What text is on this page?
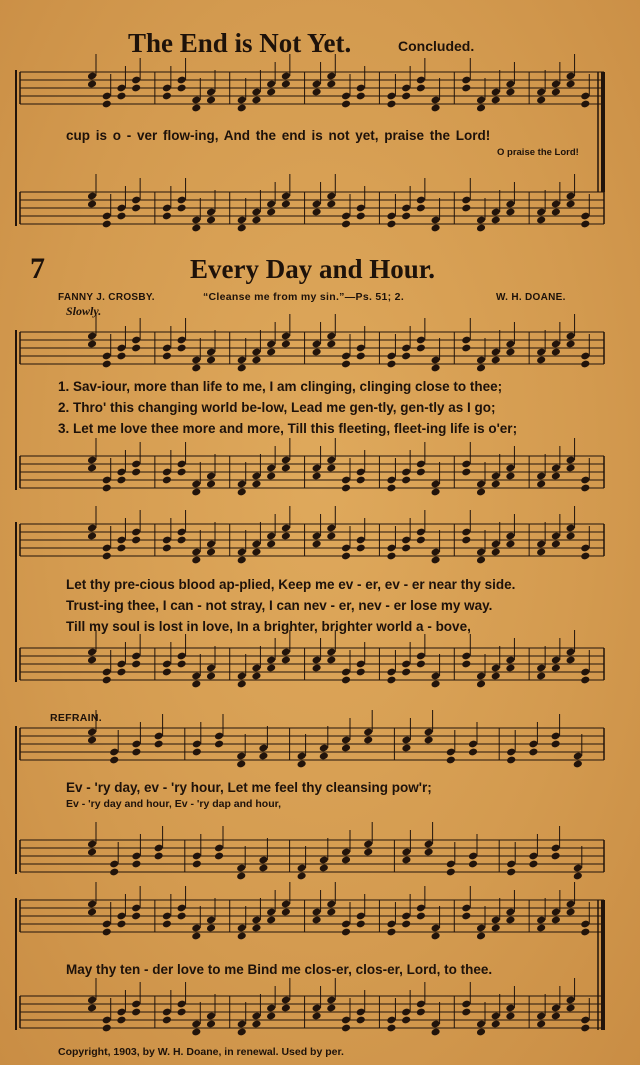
The End is Not Yet.	Concluded.
cup is o - ver flow-ing, And the end is not yet, praise the Lord!
O praise the Lord!
7	Every Day and Hour.
FANNY J. CROSBY.	“Cleanse me from my sin.”—Ps. 51; 2.	W. H. DOANE.
Slowly.
1. Sav-iour, more than life to me, I am clinging, clinging close to thee;
2. Thro' this changing world be-low, Lead me gen-tly, gen-tly as I go;
3. Let me love thee more and more, Till this fleeting, fleet-ing life is o'er;
Let thy pre-cious blood ap-plied, Keep me ev - er, ev - er near thy side.
Trust-ing thee, I can - not stray, I can nev - er, nev - er lose my way.
Till my soul is lost in love, In a brighter, brighter world a - bove,
REFRAIN.
Ev - 'ry day, ev - 'ry hour, Let me feel thy cleansing pow'r;
Ev - 'ry day and hour, Ev - 'ry dap and hour,
May thy ten - der love to me Bind me clos-er, clos-er, Lord, to thee.
Copyright, 1903, by W. H. Doane, in renewal. Used by per.
